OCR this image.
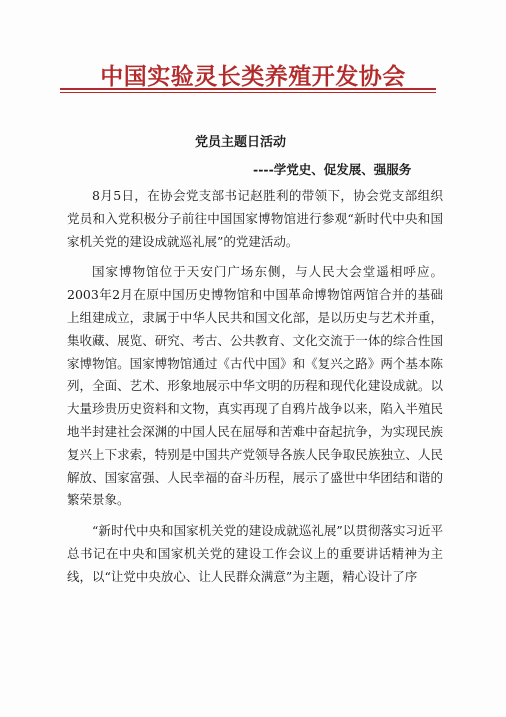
中国实验灵长类养殖开发协会
党员主题日活动
----学党史、促发展、强服务

8月5日，在协会党支部书记赵胜利的带领下，协会党支部组织党员和入党积极分子前往中国国家博物馆进行参观“新时代中央和国家机关党的建设成就巡礼展”的党建活动。

国家博物馆位于天安门广场东侧，与人民大会堂遥相呼应。2003年2月在原中国历史博物馆和中国革命博物馆两馆合并的基础上组建成立，隶属于中华人民共和国文化部，是以历史与艺术并重，集收藏、展览、研究、考古、公共教育、文化交流于一体的综合性国家博物馆。国家博物馆通过《古代中国》和《复兴之路》两个基本陈列，全面、艺术、形象地展示中华文明的历程和现代化建设成就。以大量珍贵历史资料和文物，真实再现了自鸦片战争以来，陷入半殖民地半封建社会深渊的中国人民在屈辱和苦难中奋起抗争，为实现民族复兴上下求索，特别是中国共产党领导各族人民争取民族独立、人民解放、国家富强、人民幸福的奋斗历程，展示了盛世中华团结和谐的繁荣景象。

“新时代中央和国家机关党的建设成就巡礼展”以贯彻落实习近平总书记在中央和国家机关党的建设工作会议上的重要讲话精神为主线，以“让党中央放心、让人民群众满意”为主题，精心设计了序
